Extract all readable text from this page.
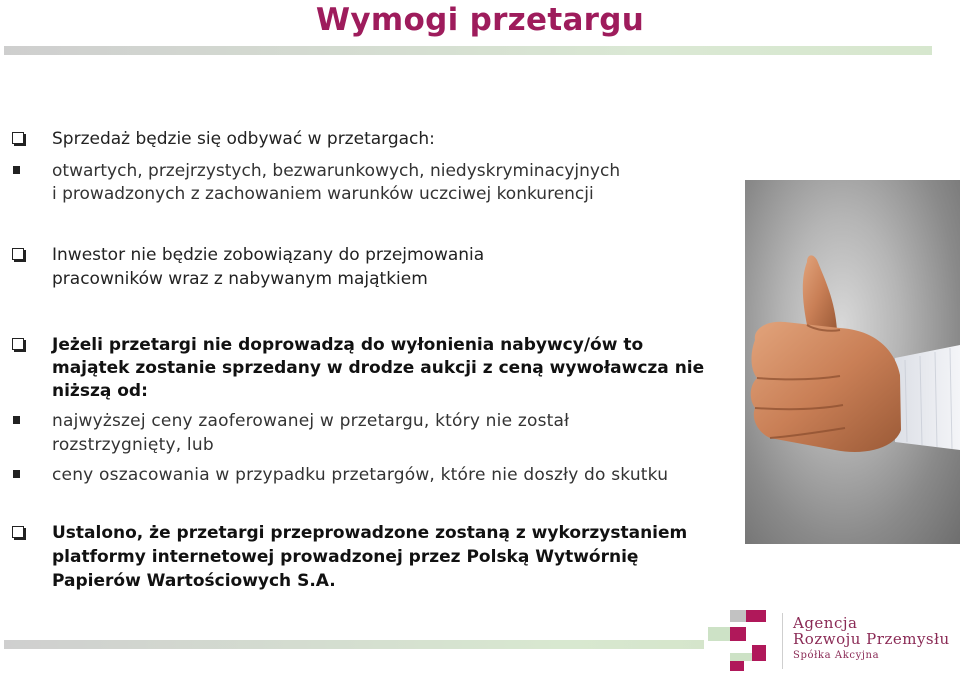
Wymogi przetargu
Sprzedaż będzie się odbywać w przetargach:
otwartych, przejrzystych, bezwarunkowych, niedyskryminacyjnych
i prowadzonych z zachowaniem warunków uczciwej konkurencji
Inwestor nie będzie zobowiązany do przejmowania
pracowników wraz z nabywanym majątkiem
Jeżeli przetargi nie doprowadzą do wyłonienia nabywcy/ów to
majątek zostanie sprzedany w drodze aukcji z ceną wywoławcza nie
niższą od:
najwyższej ceny zaoferowanej w przetargu, który nie został
rozstrzygnięty, lub
ceny oszacowania w przypadku przetargów, które nie doszły do skutku
Ustalono, że przetargi przeprowadzone zostaną z wykorzystaniem
platformy internetowej prowadzonej przez Polską Wytwórnię
Papierów Wartościowych S.A.
Agencja
Rozwoju Przemysłu
Spółka Akcyjna
